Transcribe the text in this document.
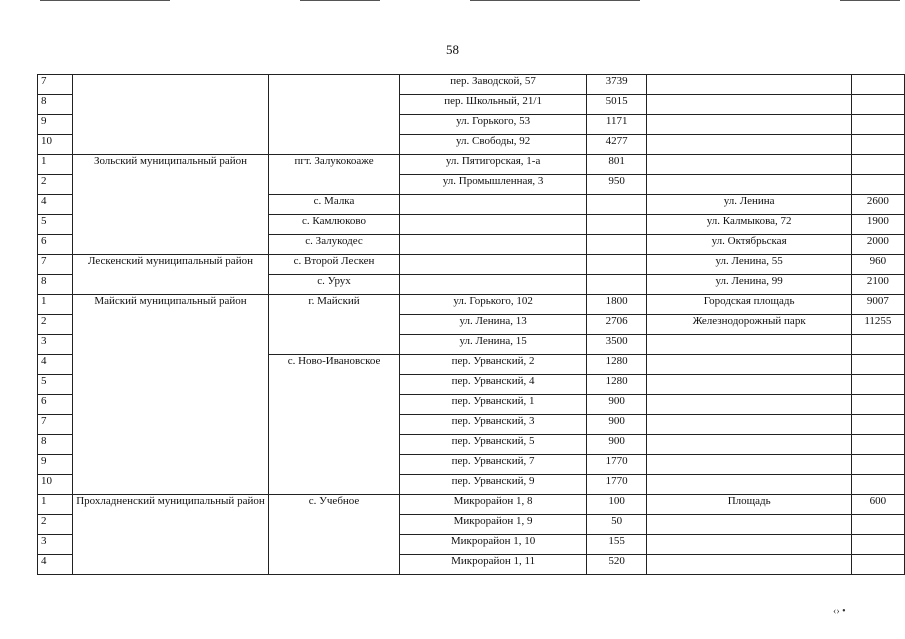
58
7			пер. Заводской, 57	3739		
8			пер. Школьный, 21/1	5015		
9			ул. Горького, 53	1171		
10			ул. Свободы, 92	4277		
1	Зольский муниципальный район	пгт. Залукокоаже	ул. Пятигорская, 1-а	801		
2			ул. Промышленная, 3	950		
4		с. Малка			ул. Ленина	2600
5		с. Камлюково			ул. Калмыкова, 72	1900
6		с. Залукодес			ул. Октябрьская	2000
7	Лескенский муниципальный район	с. Второй Лескен			ул. Ленина, 55	960
8		с. Урух			ул. Ленина, 99	2100
1	Майский муниципальный район	г. Майский	ул. Горького, 102	1800	Городская площадь	9007
2			ул. Ленина, 13	2706	Железнодорожный парк	11255
3			ул. Ленина, 15	3500		
4		с. Ново-Ивановское	пер. Урванский, 2	1280		
5			пер. Урванский, 4	1280		
6			пер. Урванский, 1	900		
7			пер. Урванский, 3	900		
8			пер. Урванский, 5	900		
9			пер. Урванский, 7	1770		
10			пер. Урванский, 9	1770		
1	Прохладненский муниципальный район	с. Учебное	Микрорайон 1, 8	100	Площадь	600
2			Микрорайон 1, 9	50		
3			Микрорайон 1, 10	155		
4			Микрорайон 1, 11	520		
‹› •
